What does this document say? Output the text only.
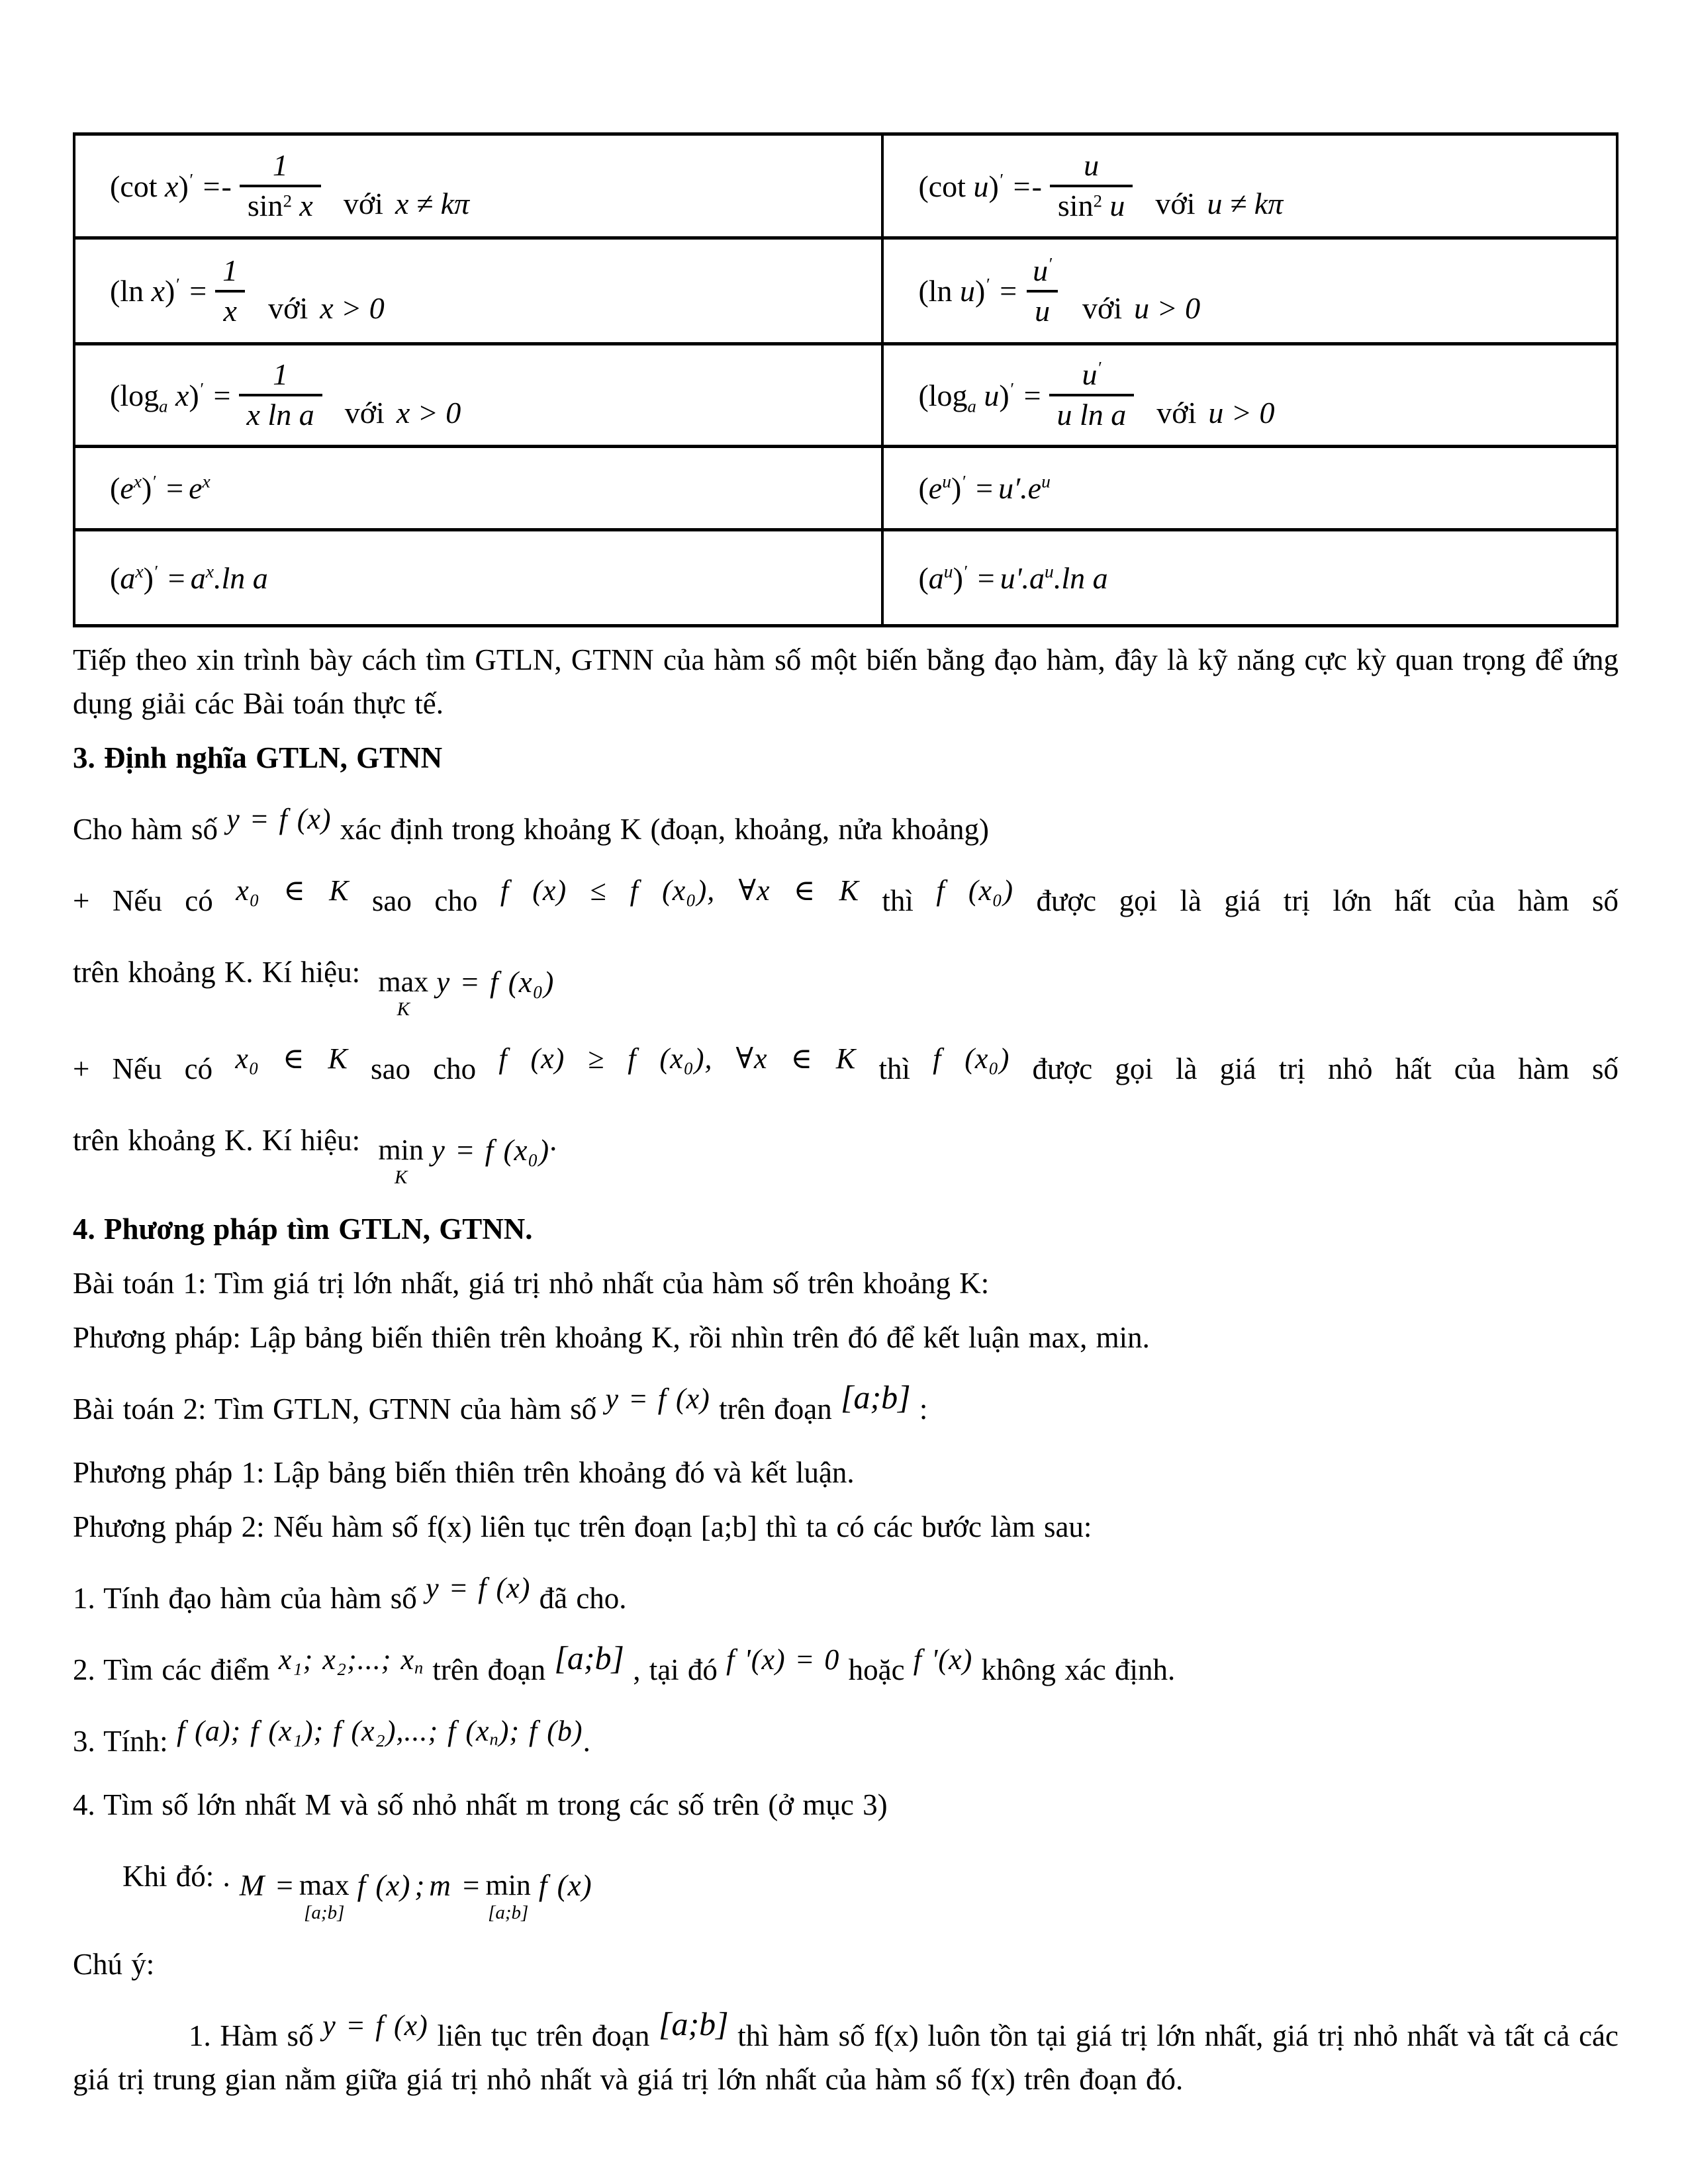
(cot $x)' =- \frac{1}{\sin^2 x}$ với x ≠ kπ	(cot $u)' =- \frac{u}{\sin^2 u}$ với u ≠ kπ

(ln $x)' = \frac{1}{x}$ với x > 0	(ln $u)' = \frac{u'}{u}$ với u > 0

($\log_a$ $x)' = \frac{1}{\text{x ln a}}$ với x > 0	($\log_a$ $u)' = \frac{u'}{\text{u ln a}}$ với u > 0

$(e^x)' = e^x$	$(e^u)' = u'.e^u$

$(a^x)' = a^x.\ln$ a	$(a^u)' = u'.a^u.\ln$ a
Tiếp theo xin trình bày cách tìm GTLN, GTNN của hàm số một biến bằng đạo hàm, đây là kỹ năng cực kỳ quan trọng để ứng dụng giải các Bài toán thực tế.
3. Định nghĩa GTLN, GTNN
Cho hàm số y = f (x) xác định trong khoảng K (đoạn, khoảng, nửa khoảng)
+ Nếu có x₀ ∈ K sao cho f (x) ≤ f (x₀), ∀x ∈ K thì f (x₀) được gọi là giá trị lớn hất của hàm số
trên khoảng K. Kí hiệu: max
K
y = f (x₀)
+ Nếu có x₀ ∈ K sao cho f (x) ≥ f (x₀), ∀x ∈ K thì f (x₀) được gọi là giá trị nhỏ hất của hàm số
trên khoảng K. Kí hiệu: min
K
y = f (x₀) .
4. Phương pháp tìm GTLN, GTNN.
Bài toán 1: Tìm giá trị lớn nhất, giá trị nhỏ nhất của hàm số trên khoảng K:
Phương pháp: Lập bảng biến thiên trên khoảng K, rồi nhìn trên đó để kết luận max, min.
Bài toán 2: Tìm GTLN, GTNN của hàm số y = f (x) trên đoạn [a;b] :
Phương pháp 1: Lập bảng biến thiên trên khoảng đó và kết luận.
Phương pháp 2: Nếu hàm số f(x) liên tục trên đoạn [a;b] thì ta có các bước làm sau:
1. Tính đạo hàm của hàm số y = f (x) đã cho.
2. Tìm các điểm x₁; x₂;...; $x_n$ trên đoạn [a;b] , tại đó f '(x) = 0 hoặc f '(x) không xác định.
3. Tính: f (a); f (x₁); f (x₂),...; f $(x_n)$; f (b).
4. Tìm số lớn nhất M và số nhỏ nhất m trong các số trên (ở mục 3)
Khi đó: . M = max
[a;b]
f (x) ; m = min
[a;b]
f (x)
Chú ý:
1. Hàm số y = f (x) liên tục trên đoạn [a;b] thì hàm số f(x) luôn tồn tại giá trị lớn nhất, giá trị nhỏ nhất và tất cả các giá trị trung gian nằm giữa giá trị nhỏ nhất và giá trị lớn nhất của hàm số f(x) trên đoạn đó.
